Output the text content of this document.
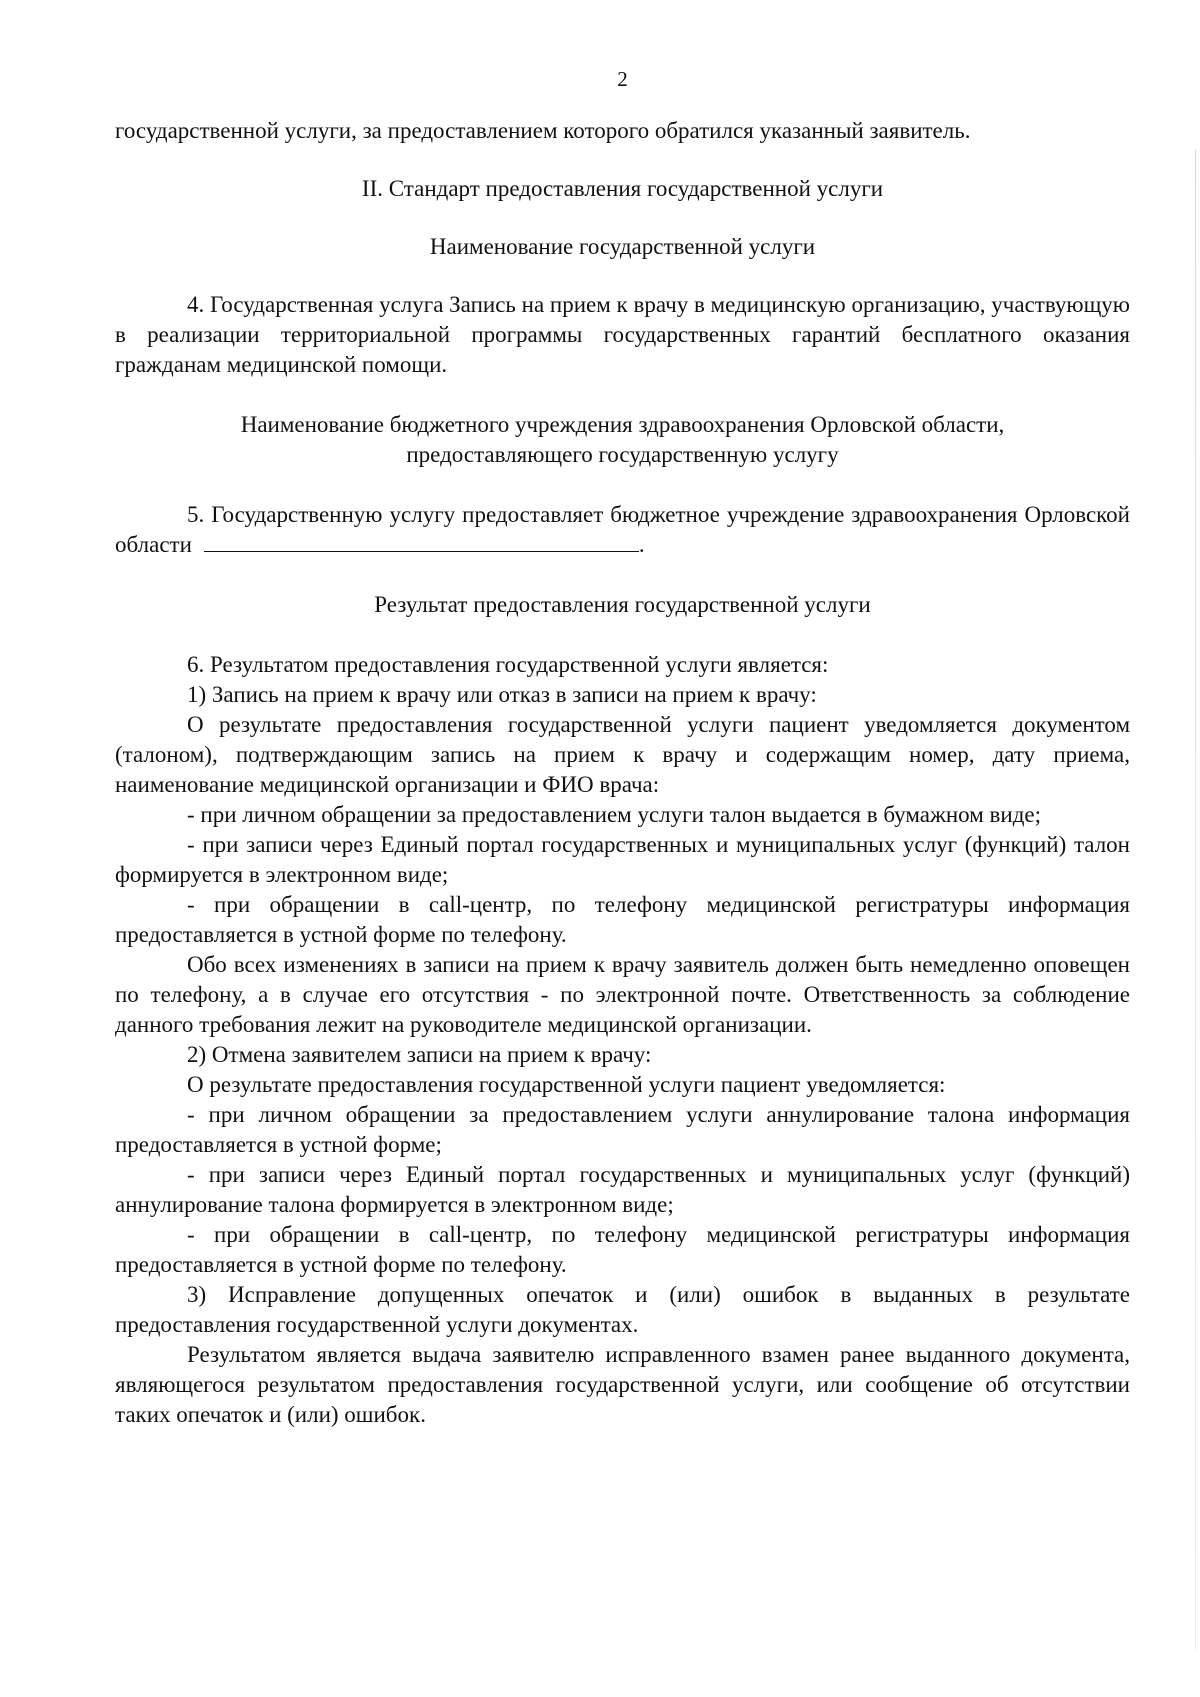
2

государственной услуги, за предоставлением которого обратился указанный заявитель.

II. Стандарт предоставления государственной услуги

Наименование государственной услуги

4. Государственная услуга Запись на прием к врачу в медицинскую организацию, участвующую в реализации территориальной программы государственных гарантий бесплатного оказания гражданам медицинской помощи.

Наименование бюджетного учреждения здравоохранения Орловской области,

предоставляющего государственную услугу

5. Государственную услугу предоставляет бюджетное учреждение здравоохранения Орловской области	.

Результат предоставления государственной услуги

6. Результатом предоставления государственной услуги является:

1) Запись на прием к врачу или отказ в записи на прием к врачу:

О результате предоставления государственной услуги пациент уведомляется документом (талоном), подтверждающим запись на прием к врачу и содержащим номер, дату приема, наименование медицинской организации и ФИО врача:

- при личном обращении за предоставлением услуги талон выдается в бумажном виде;

- при записи через Единый портал государственных и муниципальных услуг (функций) талон формируется в электронном виде;

- при обращении в call-центр, по телефону медицинской регистратуры информация предоставляется в устной форме по телефону.

Обо всех изменениях в записи на прием к врачу заявитель должен быть немедленно оповещен по телефону, а в случае его отсутствия - по электронной почте. Ответственность за соблюдение данного требования лежит на руководителе медицинской организации.

2) Отмена заявителем записи на прием к врачу:

О результате предоставления государственной услуги пациент уведомляется:

- при личном обращении за предоставлением услуги аннулирование талона информация предоставляется в устной форме;

- при записи через Единый портал государственных и муниципальных услуг (функций) аннулирование талона формируется в электронном виде;

- при обращении в call-центр, по телефону медицинской регистратуры информация предоставляется в устной форме по телефону.

3) Исправление допущенных опечаток и (или) ошибок в выданных в результате предоставления государственной услуги документах.

Результатом является выдача заявителю исправленного взамен ранее выданного документа, являющегося результатом предоставления государственной услуги, или сообщение об отсутствии таких опечаток и (или) ошибок.
